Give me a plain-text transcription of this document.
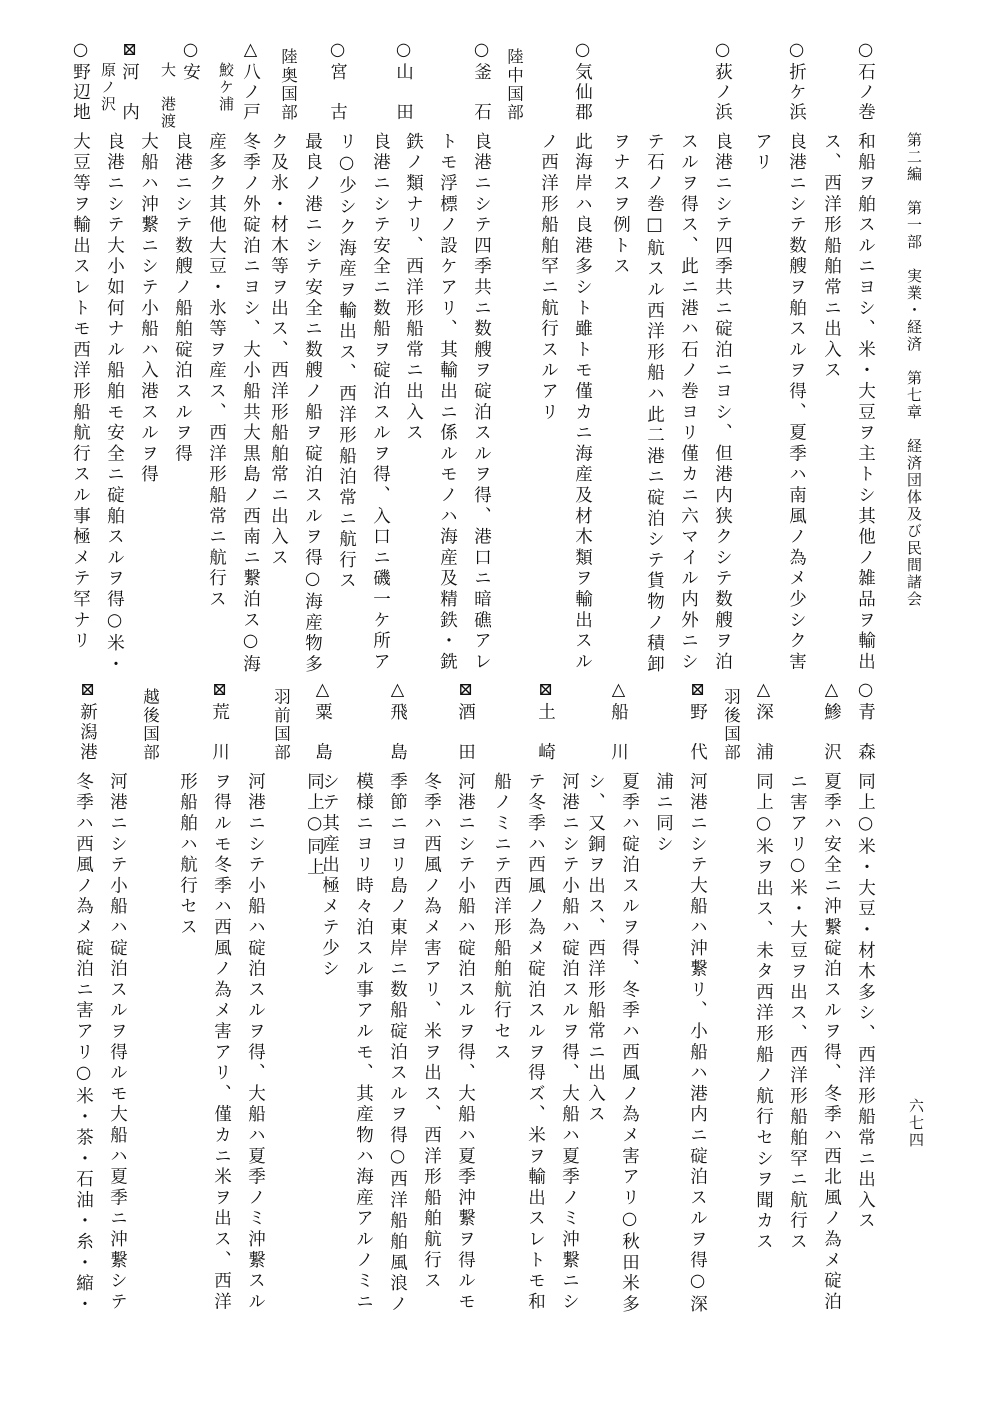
第二編　第一部　実業・経済　第七章　経済団体及び民間諸会
六七四
○石ノ巻
和船ヲ舶スルニヨシ、米・大豆ヲ主トシ其他ノ雑品ヲ輸出
ス、西洋形船舶常ニ出入ス
○折ケ浜
良港ニシテ数艘ヲ舶スルヲ得、夏季ハ南風ノ為メ少シク害
アリ
○荻ノ浜
良港ニシテ四季共ニ碇泊ニヨシ、但港内狭クシテ数艘ヲ泊
スルヲ得ス、此ニ港ハ石ノ巻ヨリ僅カニ六マイル内外ニシ
テ石ノ巻□航スル西洋形船ハ此二港ニ碇泊シテ貨物ノ積卸
ヲナスヲ例トス
○気仙郡
此海岸ハ良港多シト雖トモ僅カニ海産及材木類ヲ輸出スル
ノ西洋形船舶罕ニ航行スルアリ
陸中国部
○釜　石
良港ニシテ四季共ニ数艘ヲ碇泊スルヲ得、港口ニ暗礁アレ
トモ浮標ノ設ケアリ、其輸出ニ係ルモノハ海産及精鉄・銑
鉄ノ類ナリ、西洋形船常ニ出入ス
○山　田
良港ニシテ安全ニ数船ヲ碇泊スルヲ得、入口ニ磯一ケ所ア
リ○少シク海産ヲ輸出ス、西洋形船泊常ニ航行ス
○宮　古
最良ノ港ニシテ安全ニ数艘ノ船ヲ碇泊スルヲ得○海産物多
ク及氷・材木等ヲ出ス、西洋形船舶常ニ出入ス
陸奥国部
△八ノ戸
鮫ケ浦
冬季ノ外碇泊ニヨシ、大小船共大黒島ノ西南ニ繋泊ス○海
産多ク其他大豆・氷等ヲ産ス、西洋形船常ニ航行ス
○安
大　港渡
良港ニシテ数艘ノ船舶碇泊スルヲ得
⊠河　内
原ノ沢
大船ハ沖繋ニシテ小船ハ入港スルヲ得
良港ニシテ大小如何ナル船舶モ安全ニ碇舶スルヲ得○米・
○野辺地
大豆等ヲ輸出スレトモ西洋形船航行スル事極メテ罕ナリ
○青　森
同上○米・大豆・材木多シ、西洋形船常ニ出入ス
△鯵　沢
夏季ハ安全ニ沖繋碇泊スルヲ得、冬季ハ西北風ノ為メ碇泊
ニ害アリ○米・大豆ヲ出ス、西洋形船舶罕ニ航行ス
△深　浦
同上○米ヲ出ス、未タ西洋形船ノ航行セシヲ聞カス
羽後国部
⊠野　代
河港ニシテ大船ハ沖繋リ、小船ハ港内ニ碇泊スルヲ得○深
浦ニ同シ
△船　川
夏季ハ碇泊スルヲ得、冬季ハ西風ノ為メ害アリ○秋田米多
シ、又銅ヲ出ス、西洋形船常ニ出入ス
⊠土　崎
河港ニシテ小船ハ碇泊スルヲ得、大船ハ夏季ノミ沖繋ニシ
テ冬季ハ西風ノ為メ碇泊スルヲ得ズ、米ヲ輸出スレトモ和
船ノミニテ西洋形船舶航行セス
⊠酒　田
河港ニシテ小船ハ碇泊スルヲ得、大船ハ夏季沖繋ヲ得ルモ
冬季ハ西風ノ為メ害アリ、米ヲ出ス、西洋形船舶航行ス
△飛　島
季節ニヨリ島ノ東岸ニ数船碇泊スルヲ得○西洋船舶風浪ノ
模様ニヨリ時々泊スル事アルモ、其産物ハ海産アルノミニ
シテ其産出極メテ少シ
△粟　島
同上○同上
羽前国部
⊠荒　川
河港ニシテ小船ハ碇泊スルヲ得、大船ハ夏季ノミ沖繋スル
ヲ得ルモ冬季ハ西風ノ為メ害アリ、僅カニ米ヲ出ス、西洋
形船舶ハ航行セス
越後国部
⊠新潟港
河港ニシテ小船ハ碇泊スルヲ得ルモ大船ハ夏季ニ沖繋シテ
冬季ハ西風ノ為メ碇泊ニ害アリ○米・茶・石油・糸・縮・
